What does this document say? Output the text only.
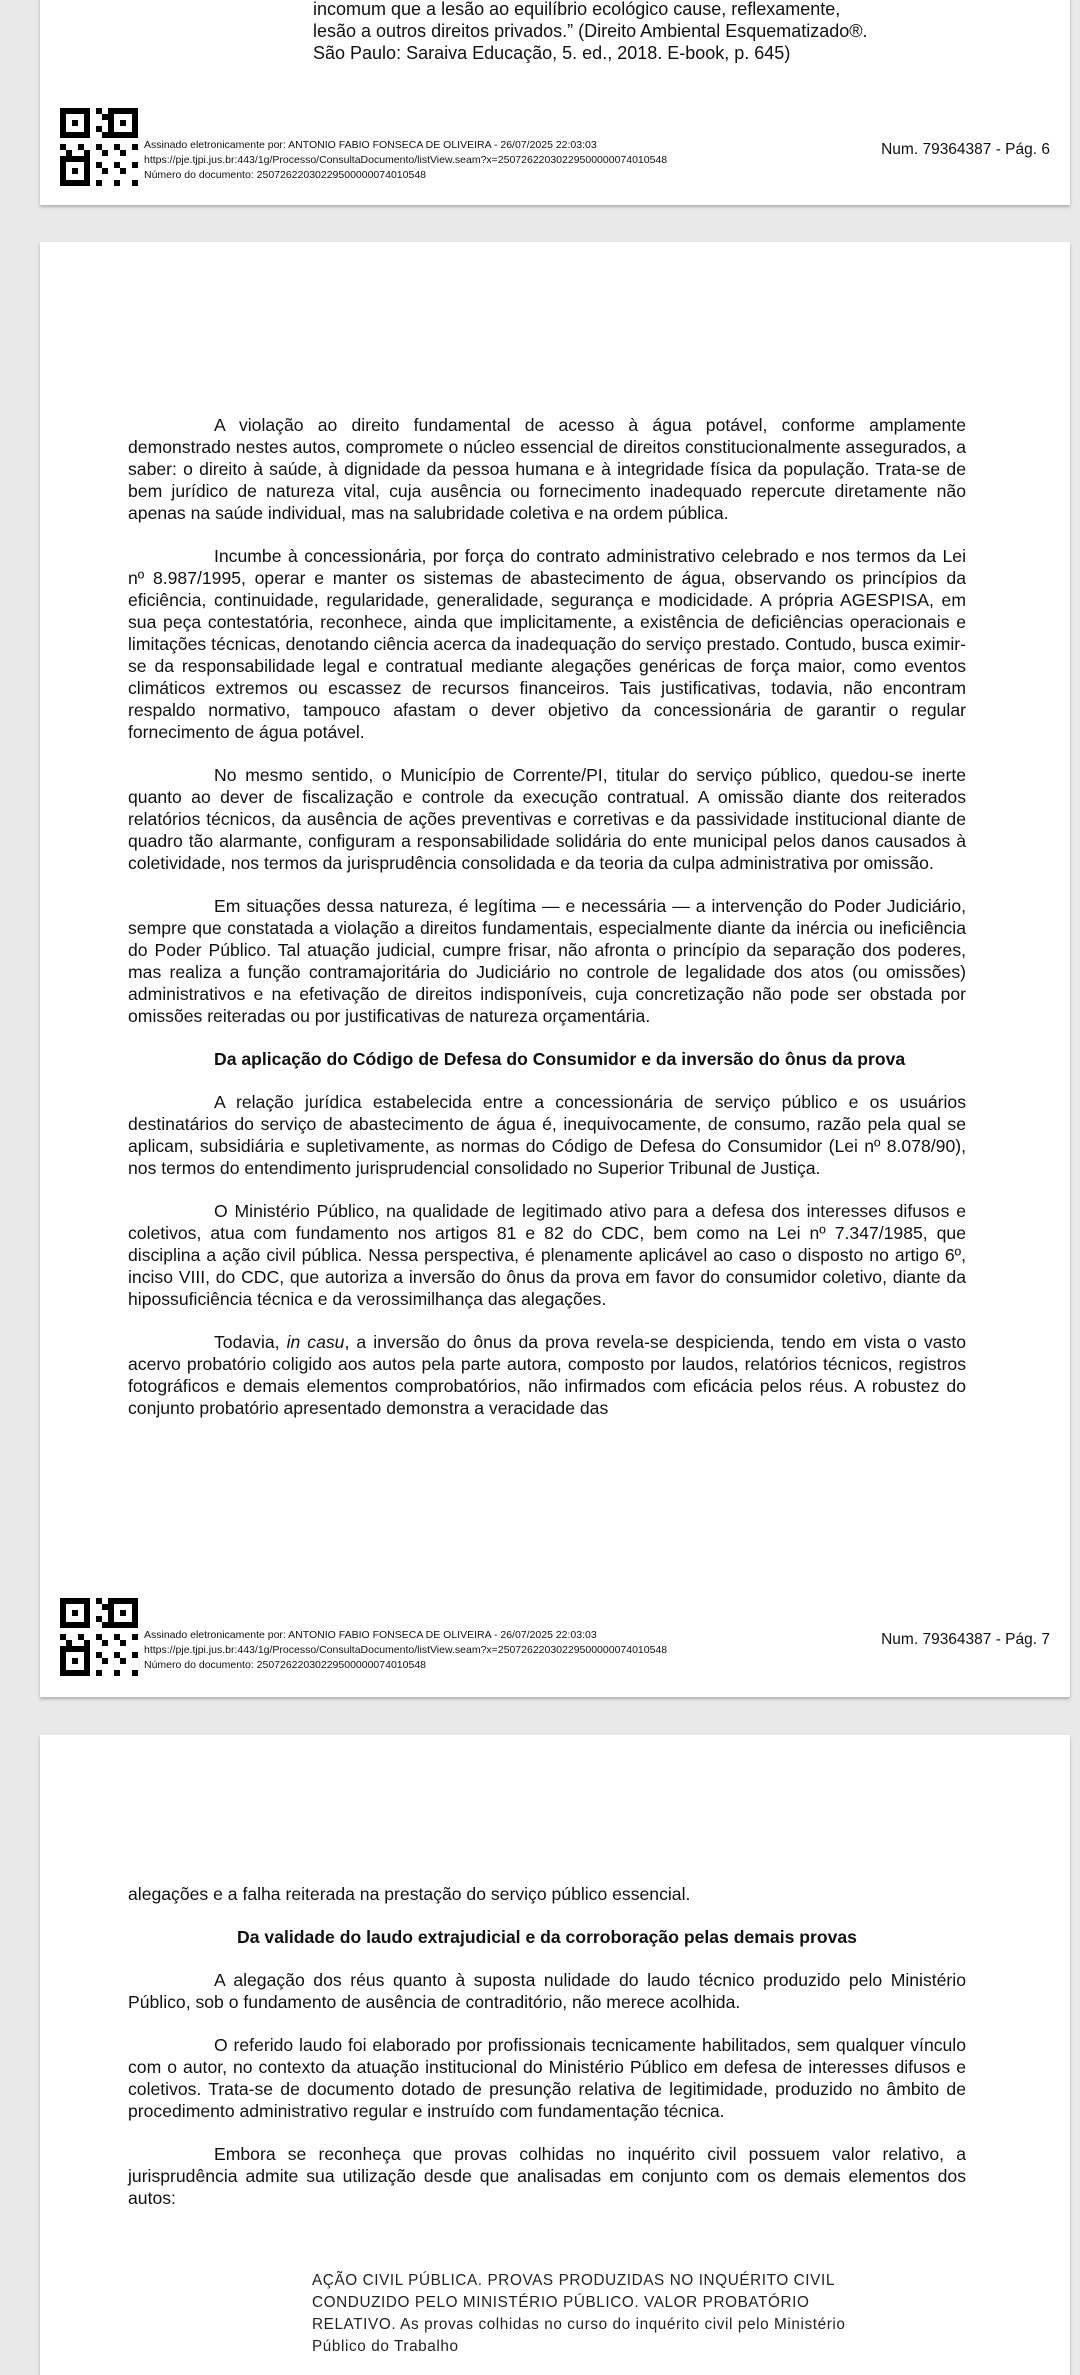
incomum que a lesão ao equilíbrio ecológico cause, reflexamente,

lesão a outros direitos privados.” (Direito Ambiental Esquematizado®.

São Paulo: Saraiva Educação, 5. ed., 2018. E-book, p. 645)

Assinado eletronicamente por: ANTONIO FABIO FONSECA DE OLIVEIRA - 26/07/2025 22:03:03
https://pje.tjpi.jus.br:443/1g/Processo/ConsultaDocumento/listView.seam?x=25072622030229500000074010548
Número do documento: 25072622030229500000074010548
Num. 79364387 - Pág. 6

A violação ao direito fundamental de acesso à água potável, conforme amplamente demonstrado nestes autos, compromete o núcleo essencial de direitos constitucionalmente assegurados, a saber: o direito à saúde, à dignidade da pessoa humana e à integridade física da população. Trata-se de bem jurídico de natureza vital, cuja ausência ou fornecimento inadequado repercute diretamente não apenas na saúde individual, mas na salubridade coletiva e na ordem pública.

Incumbe à concessionária, por força do contrato administrativo celebrado e nos termos da Lei nº 8.987/1995, operar e manter os sistemas de abastecimento de água, observando os princípios da eficiência, continuidade, regularidade, generalidade, segurança e modicidade. A própria AGESPISA, em sua peça contestatória, reconhece, ainda que implicitamente, a existência de deficiências operacionais e limitações técnicas, denotando ciência acerca da inadequação do serviço prestado. Contudo, busca eximir-se da responsabilidade legal e contratual mediante alegações genéricas de força maior, como eventos climáticos extremos ou escassez de recursos financeiros. Tais justificativas, todavia, não encontram respaldo normativo, tampouco afastam o dever objetivo da concessionária de garantir o regular fornecimento de água potável.

No mesmo sentido, o Município de Corrente/PI, titular do serviço público, quedou-se inerte quanto ao dever de fiscalização e controle da execução contratual. A omissão diante dos reiterados relatórios técnicos, da ausência de ações preventivas e corretivas e da passividade institucional diante de quadro tão alarmante, configuram a responsabilidade solidária do ente municipal pelos danos causados à coletividade, nos termos da jurisprudência consolidada e da teoria da culpa administrativa por omissão.

Em situações dessa natureza, é legítima — e necessária — a intervenção do Poder Judiciário, sempre que constatada a violação a direitos fundamentais, especialmente diante da inércia ou ineficiência do Poder Público. Tal atuação judicial, cumpre frisar, não afronta o princípio da separação dos poderes, mas realiza a função contramajoritária do Judiciário no controle de legalidade dos atos (ou omissões) administrativos e na efetivação de direitos indisponíveis, cuja concretização não pode ser obstada por omissões reiteradas ou por justificativas de natureza orçamentária.

Da aplicação do Código de Defesa do Consumidor e da inversão do ônus da prova

A relação jurídica estabelecida entre a concessionária de serviço público e os usuários destinatários do serviço de abastecimento de água é, inequivocamente, de consumo, razão pela qual se aplicam, subsidiária e supletivamente, as normas do Código de Defesa do Consumidor (Lei nº 8.078/90), nos termos do entendimento jurisprudencial consolidado no Superior Tribunal de Justiça.

O Ministério Público, na qualidade de legitimado ativo para a defesa dos interesses difusos e coletivos, atua com fundamento nos artigos 81 e 82 do CDC, bem como na Lei nº 7.347/1985, que disciplina a ação civil pública. Nessa perspectiva, é plenamente aplicável ao caso o disposto no artigo 6º, inciso VIII, do CDC, que autoriza a inversão do ônus da prova em favor do consumidor coletivo, diante da hipossuficiência técnica e da verossimilhança das alegações.

Todavia, in casu, a inversão do ônus da prova revela-se despicienda, tendo em vista o vasto acervo probatório coligido aos autos pela parte autora, composto por laudos, relatórios técnicos, registros fotográficos e demais elementos comprobatórios, não infirmados com eficácia pelos réus. A robustez do conjunto probatório apresentado demonstra a veracidade das

Assinado eletronicamente por: ANTONIO FABIO FONSECA DE OLIVEIRA - 26/07/2025 22:03:03
https://pje.tjpi.jus.br:443/1g/Processo/ConsultaDocumento/listView.seam?x=25072622030229500000074010548
Número do documento: 25072622030229500000074010548
Num. 79364387 - Pág. 7

alegações e a falha reiterada na prestação do serviço público essencial.

Da validade do laudo extrajudicial e da corroboração pelas demais provas

A alegação dos réus quanto à suposta nulidade do laudo técnico produzido pelo Ministério Público, sob o fundamento de ausência de contraditório, não merece acolhida.

O referido laudo foi elaborado por profissionais tecnicamente habilitados, sem qualquer vínculo com o autor, no contexto da atuação institucional do Ministério Público em defesa de interesses difusos e coletivos. Trata-se de documento dotado de presunção relativa de legitimidade, produzido no âmbito de procedimento administrativo regular e instruído com fundamentação técnica.

Embora se reconheça que provas colhidas no inquérito civil possuem valor relativo, a jurisprudência admite sua utilização desde que analisadas em conjunto com os demais elementos dos autos:

AÇÃO CIVIL PÚBLICA. PROVAS PRODUZIDAS NO INQUÉRITO CIVIL CONDUZIDO PELO MINISTÉRIO PÚBLICO. VALOR PROBATÓRIO RELATIVO. As provas colhidas no curso do inquérito civil pelo Ministério Público do Trabalho
